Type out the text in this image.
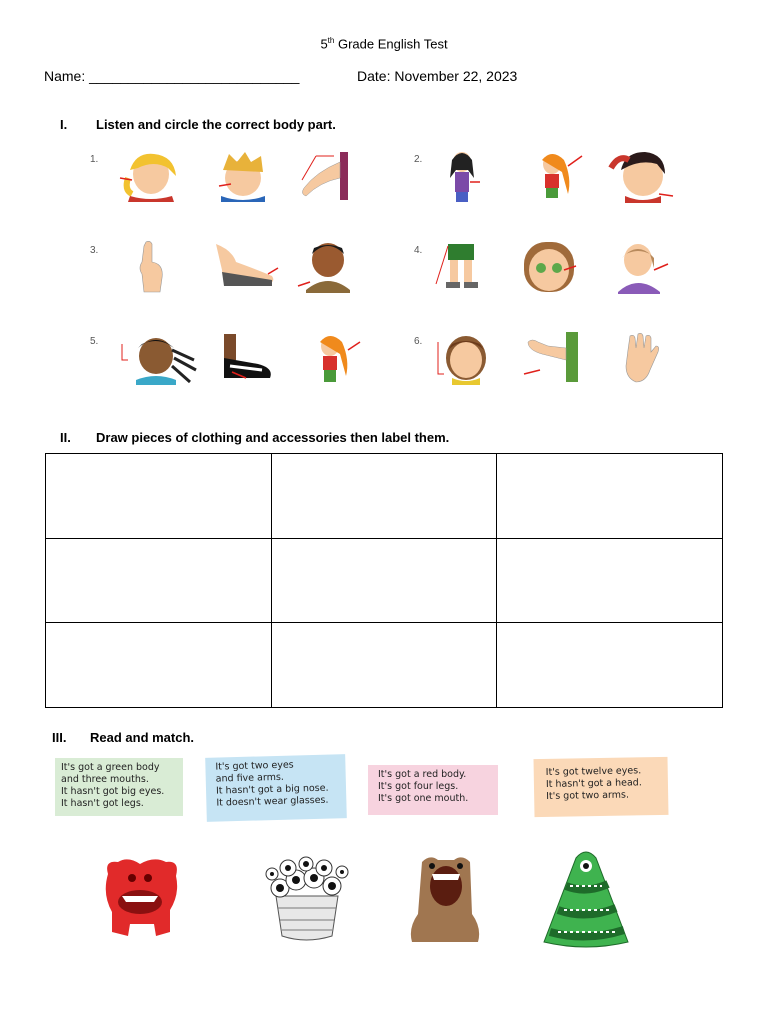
5th Grade English Test
Name: ___________________________	Date: November 22, 2023
I. Listen and circle the correct body part.
1.	2.
3.	4.
5.	6.
II. Draw pieces of clothing and accessories then label them.

III. Read and match.
It's got a green body
and three mouths.
It hasn't got big eyes.
It hasn't got legs.
It's got two eyes
and five arms.
It hasn't got a big nose.
It doesn't wear glasses.
It's got a red body.
It's got four legs.
It's got one mouth.
It's got twelve eyes.
It hasn't got a head.
It's got two arms.
